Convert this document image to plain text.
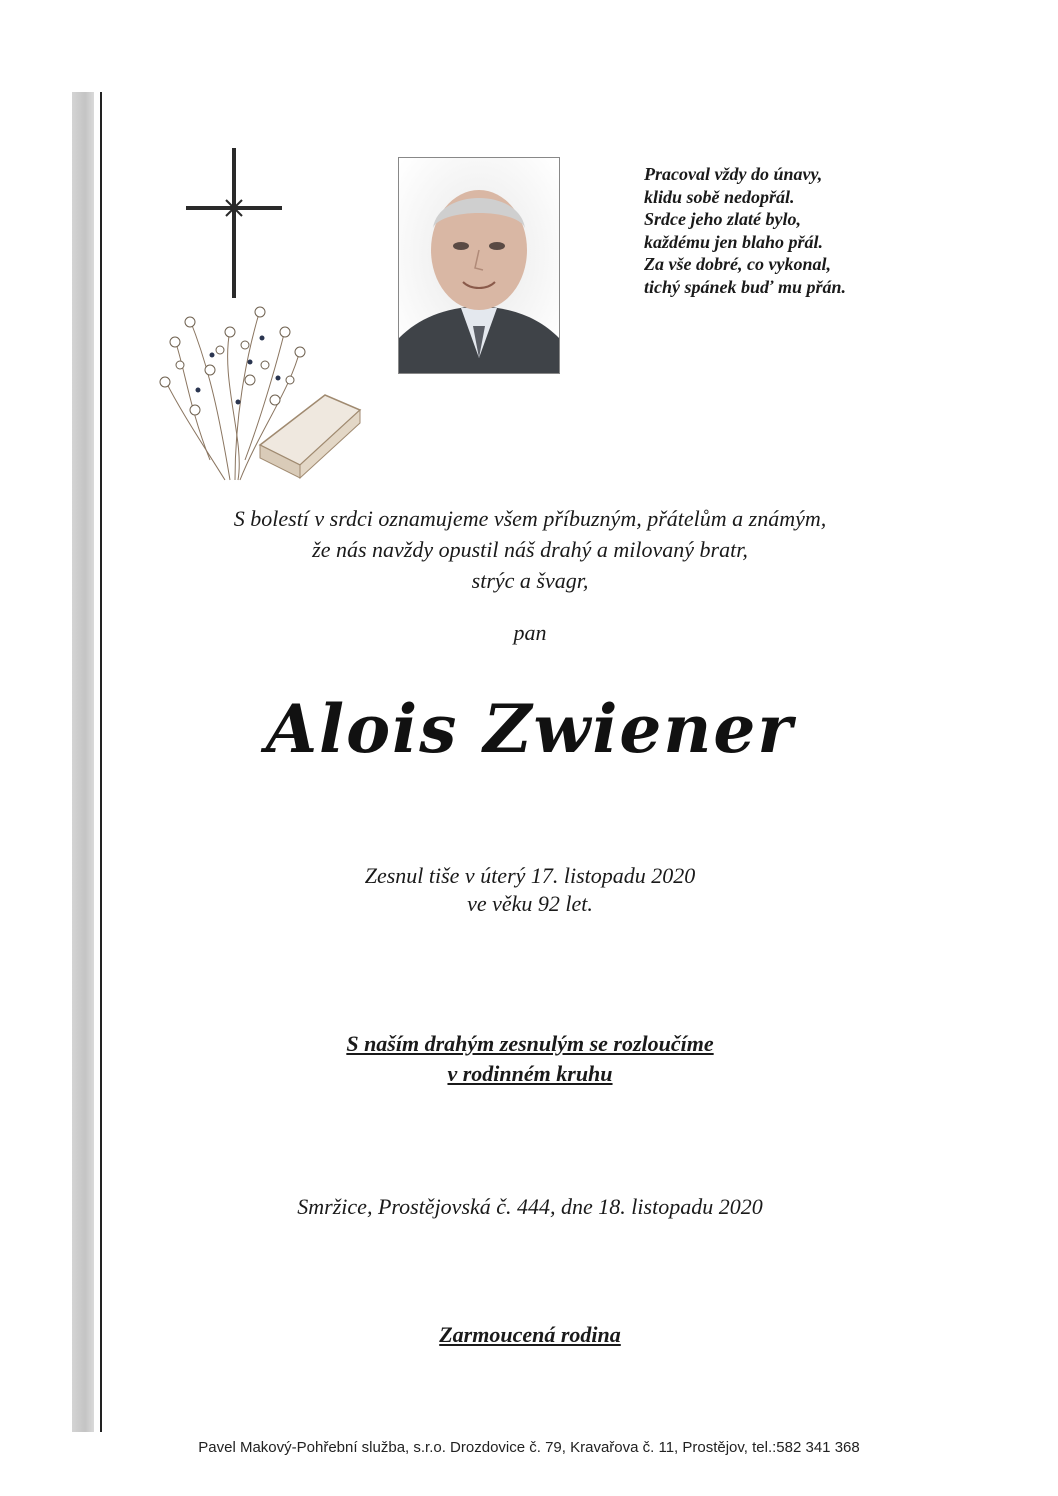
Pracoval vždy do únavy,
klidu sobě nedopřál.
Srdce jeho zlaté bylo,
každému jen blaho přál.
Za vše dobré, co vykonal,
tichý spánek buď mu přán.
S bolestí v srdci oznamujeme všem příbuzným, přátelům a známým,
že nás navždy opustil náš drahý a milovaný bratr,
strýc a švagr,
pan
Alois Zwiener
Zesnul tiše v úterý 17. listopadu 2020
ve věku 92 let.
S naším drahým zesnulým se rozloučíme
v rodinném kruhu
Smržice, Prostějovská č. 444, dne 18. listopadu 2020
Zarmoucená rodina
Pavel Makový-Pohřební služba, s.r.o. Drozdovice č. 79, Kravařova č. 11, Prostějov, tel.:582 341 368
